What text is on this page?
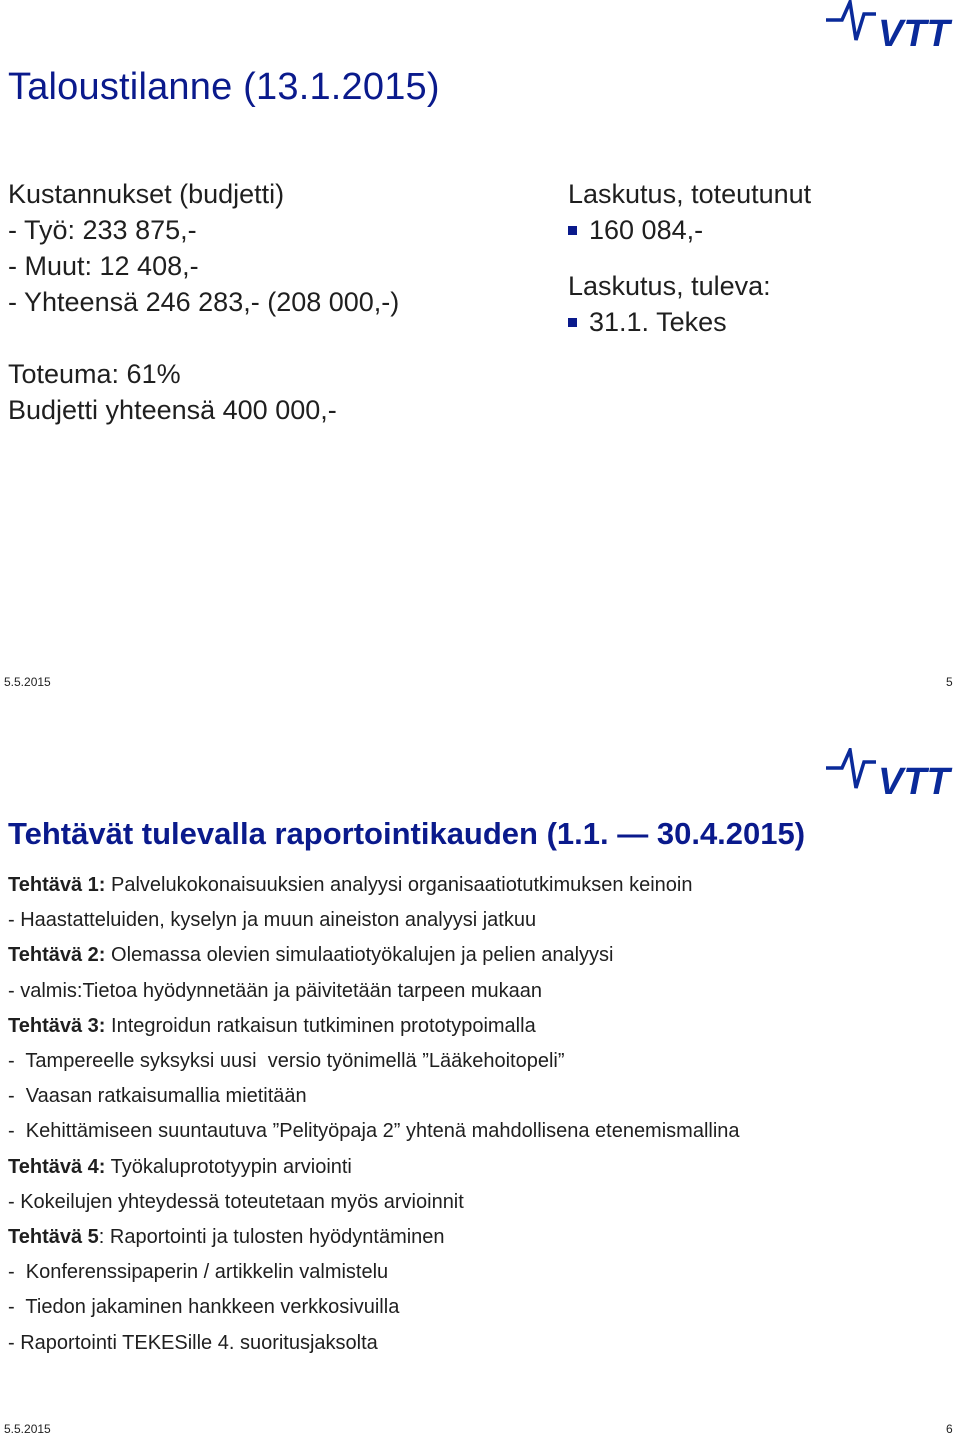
VTT
Taloustilanne (13.1.2015)
Kustannukset (budjetti)
- Työ: 233 875,-
- Muut: 12 408,-
- Yhteensä 246 283,- (208 000,-)
Toteuma: 61%
Budjetti yhteensä 400 000,-
Laskutus, toteutunut
160 084,-
Laskutus, tuleva:
31.1. Tekes
5.5.2015	5
VTT
Tehtävät tulevalla raportointikauden (1.1. — 30.4.2015)
Tehtävä 1: Palvelukokonaisuuksien analyysi organisaatiotutkimuksen keinoin
- Haastatteluiden, kyselyn ja muun aineiston analyysi jatkuu
Tehtävä 2: Olemassa olevien simulaatiotyökalujen ja pelien analyysi
- valmis:Tietoa hyödynnetään ja päivitetään tarpeen mukaan
Tehtävä 3: Integroidun ratkaisun tutkiminen prototypoimalla
-  Tampereelle syksyksi uusi  versio työnimellä ”Lääkehoitopeli”
-  Vaasan ratkaisumallia mietitään
-  Kehittämiseen suuntautuva ”Pelityöpaja 2” yhtenä mahdollisena etenemismallina
Tehtävä 4: Työkaluprototyypin arviointi
- Kokeilujen yhteydessä toteutetaan myös arvioinnit
Tehtävä 5: Raportointi ja tulosten hyödyntäminen
-  Konferenssipaperin / artikkelin valmistelu
-  Tiedon jakaminen hankkeen verkkosivuilla
- Raportointi TEKESille 4. suoritusjaksolta
5.5.2015	6
